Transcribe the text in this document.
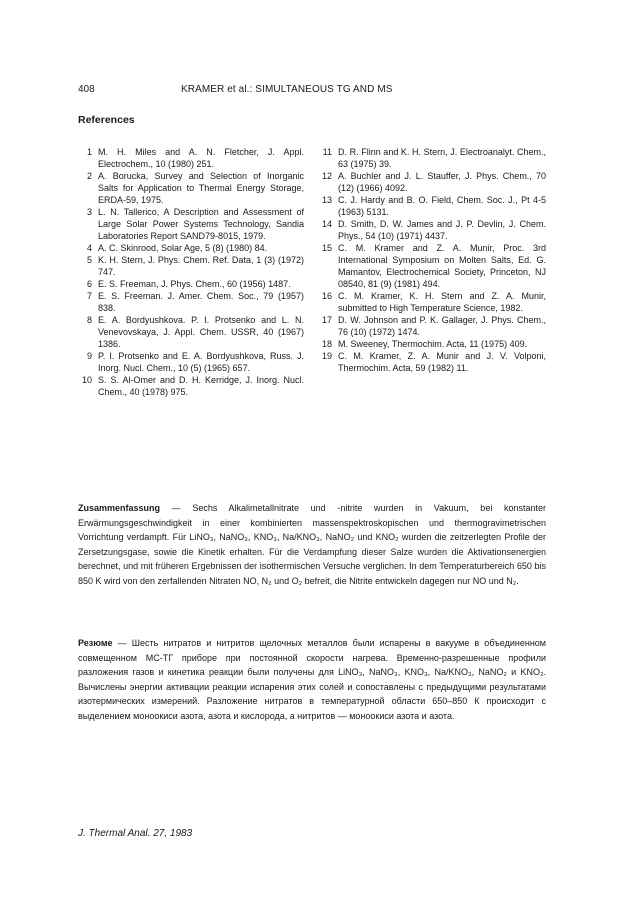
408	KRAMER et al.: SIMULTANEOUS TG AND MS
References
1 M. H. Miles and A. N. Fletcher, J. Appl. Electrochem., 10 (1980) 251.
2 A. Borucka, Survey and Selection of Inorganic Salts for Application to Thermal Energy Storage, ERDA-59, 1975.
3 L. N. Tallerico, A Description and Assessment of Large Solar Power Systems Technology, Sandia Laboratories Report SAND79-8015, 1979.
4 A. C. Skinrood, Solar Age, 5 (8) (1980) 84.
5 K. H. Stern, J. Phys. Chem. Ref. Data, 1 (3) (1972) 747.
6 E. S. Freeman, J. Phys. Chem., 60 (1956) 1487.
7 E. S. Freeman. J. Amer. Chem. Soc., 79 (1957) 838.
8 E. A. Bordyushkova. P. I. Protsenko and L. N. Venevovskaya, J. Appl. Chem. USSR, 40 (1967) 1386.
9 P. I. Protsenko and E. A. Bordyushkova, Russ. J. Inorg. Nucl. Chem., 10 (5) (1965) 657.
10 S. S. Al-Omer and D. H. Kerridge, J. Inorg. Nucl. Chem., 40 (1978) 975.
11 D. R. Flinn and K. H. Stern, J. Electroanalyt. Chem., 63 (1975) 39.
12 A. Buchler and J. L. Stauffer, J. Phys. Chem., 70 (12) (1966) 4092.
13 C. J. Hardy and B. O. Field, Chem. Soc. J., Pt 4-5 (1963) 5131.
14 D. Smith, D. W. James and J. P. Devlin, J. Chem. Phys., 54 (10) (1971) 4437.
15 C. M. Kramer and Z. A. Munir, Proc. 3rd International Symposium on Molten Salts, Ed. G. Mamantov, Electrochemical Society, Princeton, NJ 08540, 81 (9) (1981) 494.
16 C. M. Kramer, K. H. Stern and Z. A. Munir, submitted to High Temperature Science, 1982.
17 D. W. Johnson and P. K. Gallager, J. Phys. Chem., 76 (10) (1972) 1474.
18 M. Sweeney, Thermochim. Acta, 11 (1975) 409.
19 C. M. Kramer, Z. A. Munir and J. V. Volponi, Thermochim. Acta, 59 (1982) 11.

Zusammenfassung — Sechs Alkalimetallnitrate und -nitrite wurden in Vakuum, bei konstanter Erwärmungsgeschwindigkeit in einer kombinierten massenspektroskopischen und thermogravimetrischen Vorrichtung verdampft. Für LiNO₃, NaNO₃, KNO₃, Na/KNO₃, NaNO₂ und KNO₂ wurden die zeitzerlegten Profile der Zersetzungsgase, sowie die Kinetik erhalten. Für die Verdampfung dieser Salze wurden die Aktivationsenergien berechnet, und mit früheren Ergebnissen der isothermischen Versuche verglichen. In dem Temperaturbereich 650 bis 850 K wird von den zerfallenden Nitraten NO, N₂ und O₂ befreit, die Nitrite entwickeln dagegen nur NO und N₂.

Резюме — Шесть нитратов и нитритов щелочных металлов были испарены в вакууме в объединенном совмещенном МС-ТГ приборе при постоянной скорости нагрева. Временно-разрешенные профили разложения газов и кинетика реакции были получены для LiNO₃, NaNO₃, KNO₃, Na/KNO₃, NaNO₂ и KNO₂. Вычислены энергии активации реакции испарения этих солей и сопоставлены с предыдущими результатами изотермических измерений. Разложение нитратов в температурной области 650–850 К происходит с выделением моноокиси азота, азота и кислорода, а нитритов — моноокиси азота и азота.

J. Thermal Anal. 27, 1983
